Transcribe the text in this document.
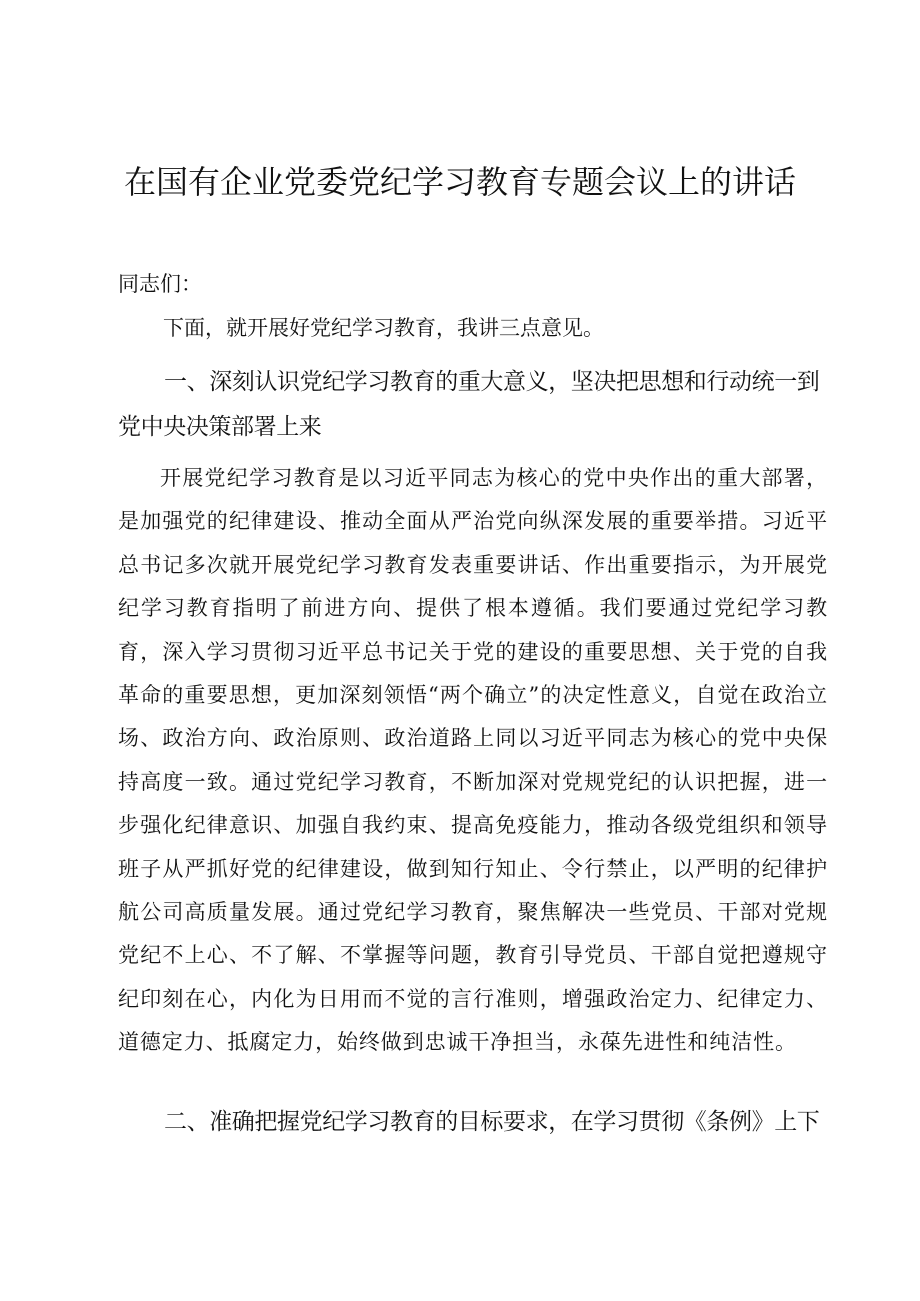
在国有企业党委党纪学习教育专题会议上的讲话

同志们：

下面，就开展好党纪学习教育，我讲三点意见。

一、深刻认识党纪学习教育的重大意义，坚决把思想和行动统一到党中央决策部署上来

开展党纪学习教育是以习近平同志为核心的党中央作出的重大部署，是加强党的纪律建设、推动全面从严治党向纵深发展的重要举措。习近平总书记多次就开展党纪学习教育发表重要讲话、作出重要指示，为开展党纪学习教育指明了前进方向、提供了根本遵循。我们要通过党纪学习教育，深入学习贯彻习近平总书记关于党的建设的重要思想、关于党的自我革命的重要思想，更加深刻领悟“两个确立”的决定性意义，自觉在政治立场、政治方向、政治原则、政治道路上同以习近平同志为核心的党中央保持高度一致。通过党纪学习教育，不断加深对党规党纪的认识把握，进一步强化纪律意识、加强自我约束、提高免疫能力，推动各级党组织和领导班子从严抓好党的纪律建设，做到知行知止、令行禁止，以严明的纪律护航公司高质量发展。通过党纪学习教育，聚焦解决一些党员、干部对党规党纪不上心、不了解、不掌握等问题，教育引导党员、干部自觉把遵规守纪印刻在心，内化为日用而不觉的言行准则，增强政治定力、纪律定力、道德定力、抵腐定力，始终做到忠诚干净担当，永葆先进性和纯洁性。

二、准确把握党纪学习教育的目标要求，在学习贯彻《条例》上下
